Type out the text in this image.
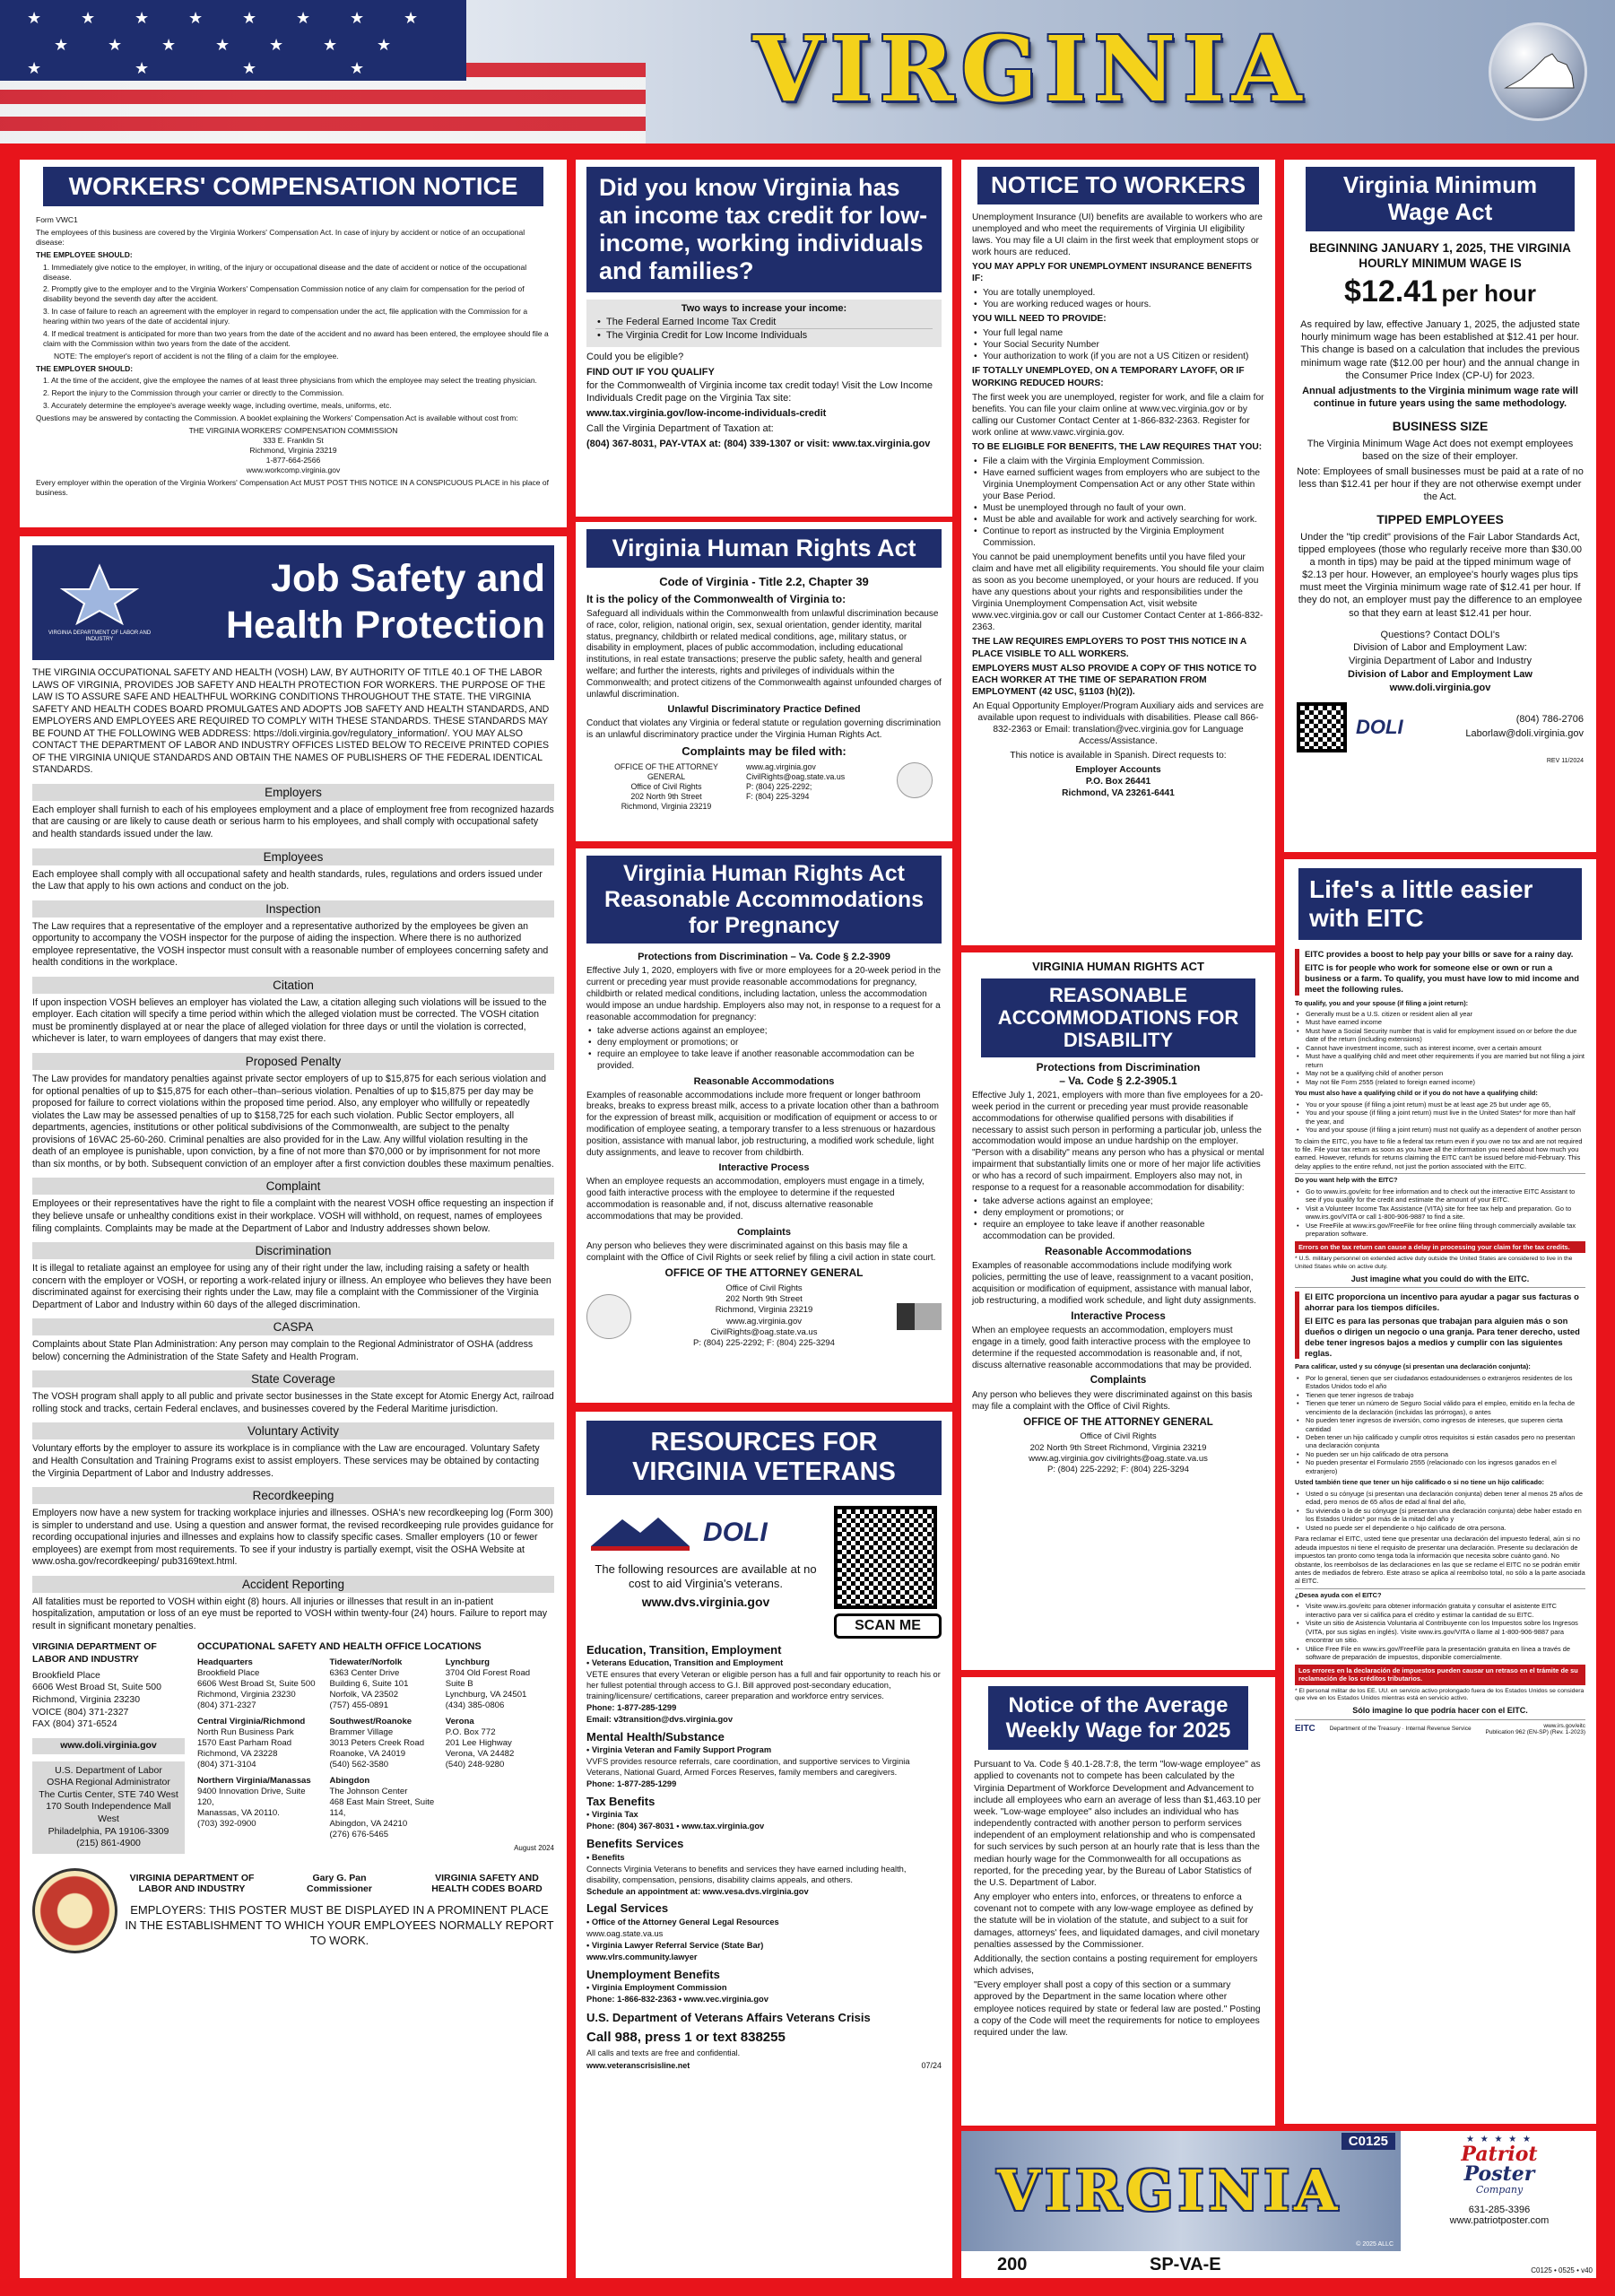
★ ★ ★ ★ ★ ★ ★ ★
★ ★ ★ ★ ★ ★ ★
★	★	★	★	VIRGINIA
WORKERS' COMPENSATION NOTICE

Form VWC1

The employees of this business are covered by the Virginia Workers' Compensation Act. In case of injury by accident or notice of an occupational disease:

THE EMPLOYEE SHOULD:

1. Immediately give notice to the employer, in writing, of the injury or occupational disease and the date of accident or notice of the occupational disease.

2. Promptly give to the employer and to the Virginia Workers' Compensation Commission notice of any claim for compensation for the period of disability beyond the seventh day after the accident.

3. In case of failure to reach an agreement with the employer in regard to compensation under the act, file application with the Commission for a hearing within two years of the date of accidental injury.

4. If medical treatment is anticipated for more than two years from the date of the accident and no award has been entered, the employee should file a claim with the Commission within two years from the date of the accident.

NOTE: The employer's report of accident is not the filing of a claim for the employee.

THE EMPLOYER SHOULD:

1. At the time of the accident, give the employee the names of at least three physicians from which the employee may select the treating physician.

2. Report the injury to the Commission through your carrier or directly to the Commission.

3. Accurately determine the employee's average weekly wage, including overtime, meals, uniforms, etc.

Questions may be answered by contacting the Commission. A booklet explaining the Workers' Compensation Act is available without cost from:

THE VIRGINIA WORKERS' COMPENSATION COMMISSION
333 E. Franklin St
Richmond, Virginia 23219
1-877-664-2566
www.workcomp.virginia.gov

Every employer within the operation of the Virginia Workers' Compensation Act MUST POST THIS NOTICE IN A CONSPICUOUS PLACE in his place of business.

VIRGINIA DEPARTMENT OF LABOR AND INDUSTRY
Job Safety and
Health Protection

THE VIRGINIA OCCUPATIONAL SAFETY AND HEALTH (VOSH) LAW, BY AUTHORITY OF TITLE 40.1 OF THE LABOR LAWS OF VIRGINIA, PROVIDES JOB SAFETY AND HEALTH PROTECTION FOR WORKERS. THE PURPOSE OF THE LAW IS TO ASSURE SAFE AND HEALTHFUL WORKING CONDITIONS THROUGHOUT THE STATE. THE VIRGINIA SAFETY AND HEALTH CODES BOARD PROMULGATES AND ADOPTS JOB SAFETY AND HEALTH STANDARDS, AND EMPLOYERS AND EMPLOYEES ARE REQUIRED TO COMPLY WITH THESE STANDARDS. THESE STANDARDS MAY BE FOUND AT THE FOLLOWING WEB ADDRESS: https://doli.virginia.gov/regulatory_information/. YOU MAY ALSO CONTACT THE DEPARTMENT OF LABOR AND INDUSTRY OFFICES LISTED BELOW TO RECEIVE PRINTED COPIES OF THE VIRGINIA UNIQUE STANDARDS AND OBTAIN THE NAMES OF PUBLISHERS OF THE FEDERAL IDENTICAL STANDARDS.

Employers

Each employer shall furnish to each of his employees employment and a place of employment free from recognized hazards that are causing or are likely to cause death or serious harm to his employees, and shall comply with occupational safety and health standards issued under the law.

Employees

Each employee shall comply with all occupational safety and health standards, rules, regulations and orders issued under the Law that apply to his own actions and conduct on the job.

Inspection

The Law requires that a representative of the employer and a representative authorized by the employees be given an opportunity to accompany the VOSH inspector for the purpose of aiding the inspection. Where there is no authorized employee representative, the VOSH inspector must consult with a reasonable number of employees concerning safety and health conditions in the workplace.

Citation

If upon inspection VOSH believes an employer has violated the Law, a citation alleging such violations will be issued to the employer. Each citation will specify a time period within which the alleged violation must be corrected. The VOSH citation must be prominently displayed at or near the place of alleged violation for three days or until the violation is corrected, whichever is later, to warn employees of dangers that may exist there.

Proposed Penalty

The Law provides for mandatory penalties against private sector employers of up to $15,875 for each serious violation and for optional penalties of up to $15,875 for each other–than–serious violation. Penalties of up to $15,875 per day may be proposed for failure to correct violations within the proposed time period. Also, any employer who willfully or repeatedly violates the Law may be assessed penalties of up to $158,725 for each such violation. Public Sector employers, all departments, agencies, institutions or other political subdivisions of the Commonwealth, are subject to the penalty provisions of 16VAC 25-60-260. Criminal penalties are also provided for in the Law. Any willful violation resulting in the death of an employee is punishable, upon conviction, by a fine of not more than $70,000 or by imprisonment for not more than six months, or by both. Subsequent conviction of an employer after a first conviction doubles these maximum penalties.

Complaint

Employees or their representatives have the right to file a complaint with the nearest VOSH office requesting an inspection if they believe unsafe or unhealthy conditions exist in their workplace. VOSH will withhold, on request, names of employees filing complaints. Complaints may be made at the Department of Labor and Industry addresses shown below.

Discrimination

It is illegal to retaliate against an employee for using any of their right under the law, including raising a safety or health concern with the employer or VOSH, or reporting a work-related injury or illness. An employee who believes they have been discriminated against for exercising their rights under the Law, may file a complaint with the Commissioner of the Virginia Department of Labor and Industry within 60 days of the alleged discrimination.

CASPA

Complaints about State Plan Administration: Any person may complain to the Regional Administrator of OSHA (address below) concerning the Administration of the State Safety and Health Program.

State Coverage

The VOSH program shall apply to all public and private sector businesses in the State except for Atomic Energy Act, railroad rolling stock and tracks, certain Federal enclaves, and businesses covered by the Federal Maritime jurisdiction.

Voluntary Activity

Voluntary efforts by the employer to assure its workplace is in compliance with the Law are encouraged. Voluntary Safety and Health Consultation and Training Programs exist to assist employers. These services may be obtained by contacting the Virginia Department of Labor and Industry addresses.

Recordkeeping

Employers now have a new system for tracking workplace injuries and illnesses. OSHA's new recordkeeping log (Form 300) is simpler to understand and use. Using a question and answer format, the revised recordkeeping rule provides guidance for recording occupational injuries and illnesses and explains how to classify specific cases. Smaller employers (10 or fewer employees) are exempt from most requirements. To see if your industry is partially exempt, visit the OSHA Website at www.osha.gov/recordkeeping/ pub3169text.html.

Accident Reporting

All fatalities must be reported to VOSH within eight (8) hours. All injuries or illnesses that result in an in-patient hospitalization, amputation or loss of an eye must be reported to VOSH within twenty-four (24) hours. Failure to report may result in significant monetary penalties.

VIRGINIA DEPARTMENT OF LABOR AND INDUSTRY
Brookfield Place
6606 West Broad St, Suite 500
Richmond, Virginia 23230
VOICE (804) 371-2327
FAX (804) 371-6524
www.doli.virginia.gov
U.S. Department of Labor
OSHA Regional Administrator
The Curtis Center, STE 740 West
170 South Independence Mall West
Philadelphia, PA 19106-3309
(215) 861-4900
OCCUPATIONAL SAFETY AND HEALTH OFFICE LOCATIONS
Headquarters
Brookfield Place
6606 West Broad St, Suite 500
Richmond, Virginia 23230
(804) 371-2327
Tidewater/Norfolk
6363 Center Drive
Building 6, Suite 101
Norfolk, VA 23502
(757) 455-0891
Lynchburg
3704 Old Forest Road
Suite B
Lynchburg, VA 24501
(434) 385-0806
Central Virginia/Richmond
North Run Business Park
1570 East Parham Road
Richmond, VA 23228
(804) 371-3104
Southwest/Roanoke
Brammer Village
3013 Peters Creek Road
Roanoke, VA 24019
(540) 562-3580
Verona
P.O. Box 772
201 Lee Highway
Verona, VA 24482
(540) 248-9280
Northern Virginia/Manassas
9400 Innovation Drive, Suite 120,
Manassas, VA 20110.
(703) 392-0900
Abingdon
The Johnson Center
468 East Main Street, Suite 114,
Abingdon, VA 24210
(276) 676-5465
August 2024
VIRGINIA DEPARTMENT OF LABOR AND INDUSTRY
Gary G. Pan
Commissioner
VIRGINIA SAFETY AND HEALTH CODES BOARD
EMPLOYERS: THIS POSTER MUST BE DISPLAYED IN A PROMINENT PLACE IN THE ESTABLISHMENT TO WHICH YOUR EMPLOYEES NORMALLY REPORT TO WORK.
Did you know Virginia has an income tax credit for low-income, working individuals and families?
Two ways to increase your income:
• The Federal Earned Income Tax Credit
• The Virginia Credit for Low Income Individuals

Could you be eligible?

FIND OUT IF YOU QUALIFY

for the Commonwealth of Virginia income tax credit today! Visit the Low Income Individuals Credit page on the Virginia Tax site:

www.tax.virginia.gov/low-income-individuals-credit

Call the Virginia Department of Taxation at:

(804) 367-8031, PAY-VTAX at: (804) 339-1307 or visit: www.tax.virginia.gov

Virginia Human Rights Act

Code of Virginia - Title 2.2, Chapter 39

It is the policy of the Commonwealth of Virginia to:

Safeguard all individuals within the Commonwealth from unlawful discrimination because of race, color, religion, national origin, sex, sexual orientation, gender identity, marital status, pregnancy, childbirth or related medical conditions, age, military status, or disability in employment, places of public accommodation, including educational institutions, in real estate transactions; preserve the public safety, health and general welfare; and further the interests, rights and privileges of individuals within the Commonwealth; and protect citizens of the Commonwealth against unfounded charges of unlawful discrimination.

Unlawful Discriminatory Practice Defined

Conduct that violates any Virginia or federal statute or regulation governing discrimination is an unlawful discriminatory practice under the Virginia Human Rights Act.

Complaints may be filed with:

OFFICE OF THE ATTORNEY GENERAL
Office of Civil Rights
202 North 9th Street
Richmond, Virginia 23219
www.ag.virginia.gov
CivilRights@oag.state.va.us
P: (804) 225-2292;
F: (804) 225-3294
Virginia Human Rights Act Reasonable Accommodations for Pregnancy

Protections from Discrimination – Va. Code § 2.2-3909

Effective July 1, 2020, employers with five or more employees for a 20-week period in the current or preceding year must provide reasonable accommodations for pregnancy, childbirth or related medical conditions, including lactation, unless the accommodation would impose an undue hardship. Employers also may not, in response to a request for a reasonable accommodation for pregnancy:

• take adverse actions against an employee;
• deny employment or promotions; or
• require an employee to take leave if another reasonable accommodation can be provided.

Reasonable Accommodations

Examples of reasonable accommodations include more frequent or longer bathroom breaks, breaks to express breast milk, access to a private location other than a bathroom for the expression of breast milk, acquisition or modification of equipment or access to or modification of employee seating, a temporary transfer to a less strenuous or hazardous position, assistance with manual labor, job restructuring, a modified work schedule, light duty assignments, and leave to recover from childbirth.

Interactive Process

When an employee requests an accommodation, employers must engage in a timely, good faith interactive process with the employee to determine if the requested accommodation is reasonable and, if not, discuss alternative reasonable accommodations that may be provided.

Complaints

Any person who believes they were discriminated against on this basis may file a complaint with the Office of Civil Rights or seek relief by filing a civil action in state court.

OFFICE OF THE ATTORNEY GENERAL

Office of Civil Rights
202 North 9th Street
Richmond, Virginia 23219
www.ag.virginia.gov
CivilRights@oag.state.va.us
P: (804) 225-2292; F: (804) 225-3294
RESOURCES FOR VIRGINIA VETERANS
DOLI

The following resources are available at no cost to aid Virginia's veterans.

www.dvs.virginia.gov

SCAN ME

Education, Transition, Employment

• Veterans Education, Transition and Employment

VETE ensures that every Veteran or eligible person has a full and fair opportunity to reach his or her fullest potential through access to G.I. Bill approved post-secondary education, training/licensure/ certifications, career preparation and workforce entry services.

Phone: 1-877-285-1299

Email: v3transition@dvs.virginia.gov

Mental Health/Substance

• Virginia Veteran and Family Support Program

VVFS provides resource referrals, care coordination, and supportive services to Virginia Veterans, National Guard, Armed Forces Reserves, family members and caregivers.

Phone: 1-877-285-1299

Tax Benefits

• Virginia Tax

Phone: (804) 367-8031 • www.tax.virginia.gov

Benefits Services

• Benefits

Connects Virginia Veterans to benefits and services they have earned including health, disability, compensation, pensions, disability claims appeals, and others.

Schedule an appointment at: www.vesa.dvs.virginia.gov

Legal Services

• Office of the Attorney General Legal Resources

www.oag.state.va.us

• Virginia Lawyer Referral Service (State Bar)

www.vlrs.community.lawyer

Unemployment Benefits

• Virginia Employment Commission

Phone: 1-866-832-2363 • www.vec.virginia.gov

U.S. Department of Veterans Affairs Veterans Crisis

Call 988, press 1 or text 838255

All calls and texts are free and confidential.

www.veteranscrisisline.net	07/24
NOTICE TO WORKERS

Unemployment Insurance (UI) benefits are available to workers who are unemployed and who meet the requirements of Virginia UI eligibility laws. You may file a UI claim in the first week that employment stops or work hours are reduced.

YOU MAY APPLY FOR UNEMPLOYMENT INSURANCE BENEFITS IF:

• You are totally unemployed.
• You are working reduced wages or hours.

YOU WILL NEED TO PROVIDE:

• Your full legal name
• Your Social Security Number
• Your authorization to work (if you are not a US Citizen or resident)

IF TOTALLY UNEMPLOYED, ON A TEMPORARY LAYOFF, OR IF WORKING REDUCED HOURS:

The first week you are unemployed, register for work, and file a claim for benefits. You can file your claim online at www.vec.virginia.gov or by calling our Customer Contact Center at 1-866-832-2363. Register for work online at www.vawc.virginia.gov.

TO BE ELIGIBLE FOR BENEFITS, THE LAW REQUIRES THAT YOU:

• File a claim with the Virginia Employment Commission.
• Have earned sufficient wages from employers who are subject to the Virginia Unemployment Compensation Act or any other State within your Base Period.
• Must be unemployed through no fault of your own.
• Must be able and available for work and actively searching for work.
• Continue to report as instructed by the Virginia Employment Commission.

You cannot be paid unemployment benefits until you have filed your claim and have met all eligibility requirements. You should file your claim as soon as you become unemployed, or your hours are reduced. If you have any questions about your rights and responsibilities under the Virginia Unemployment Compensation Act, visit website www.vec.virginia.gov or call our Customer Contact Center at 1-866-832-2363.

THE LAW REQUIRES EMPLOYERS TO POST THIS NOTICE IN A PLACE VISIBLE TO ALL WORKERS.

EMPLOYERS MUST ALSO PROVIDE A COPY OF THIS NOTICE TO EACH WORKER AT THE TIME OF SEPARATION FROM EMPLOYMENT (42 USC, §1103 (h)(2)).

An Equal Opportunity Employer/Program Auxiliary aids and services are available upon request to individuals with disabilities. Please call 866-832-2363 or Email: translation@vec.virginia.gov for Language Access/Assistance.

This notice is available in Spanish. Direct requests to:

Employer Accounts
P.O. Box 26441
Richmond, VA 23261-6441

VIRGINIA HUMAN RIGHTS ACT

REASONABLE ACCOMMODATIONS FOR DISABILITY

Protections from Discrimination

– Va. Code § 2.2-3905.1

Effective July 1, 2021, employers with more than five employees for a 20-week period in the current or preceding year must provide reasonable accommodations for otherwise qualified persons with disabilities if necessary to assist such person in performing a particular job, unless the accommodation would impose an undue hardship on the employer. "Person with a disability" means any person who has a physical or mental impairment that substantially limits one or more of her major life activities or who has a record of such impairment. Employers also may not, in response to a request for a reasonable accommodation for disability:

• take adverse actions against an employee;
• deny employment or promotions; or
• require an employee to take leave if another reasonable accommodation can be provided.

Reasonable Accommodations

Examples of reasonable accommodations include modifying work policies, permitting the use of leave, reassignment to a vacant position, acquisition or modification of equipment, assistance with manual labor, job restructuring, a modified work schedule, and light duty assignments.

Interactive Process

When an employee requests an accommodation, employers must engage in a timely, good faith interactive process with the employee to determine if the requested accommodation is reasonable and, if not, discuss alternative reasonable accommodations that may be provided.

Complaints

Any person who believes they were discriminated against on this basis may file a complaint with the Office of Civil Rights.

OFFICE OF THE ATTORNEY GENERAL

Office of Civil Rights
202 North 9th Street Richmond, Virginia 23219
www.ag.virginia.gov civilrights@oag.state.va.us
P: (804) 225-2292; F: (804) 225-3294
Notice of the Average Weekly Wage for 2025

Pursuant to Va. Code § 40.1-28.7:8, the term "low-wage employee" as applied to covenants not to compete has been calculated by the Virginia Department of Workforce Development and Advancement to include all employees who earn an average of less than $1,463.10 per week. "Low-wage employee" also includes an individual who has independently contracted with another person to perform services independent of an employment relationship and who is compensated for such services by such person at an hourly rate that is less than the median hourly wage for the Commonwealth for all occupations as reported, for the preceding year, by the Bureau of Labor Statistics of the U.S. Department of Labor.

Any employer who enters into, enforces, or threatens to enforce a covenant not to compete with any low-wage employee as defined by the statute will be in violation of the statute, and subject to a suit for damages, attorneys' fees, and liquidated damages, and civil monetary penalties assessed by the Commissioner.

Additionally, the section contains a posting requirement for employers which advises,

"Every employer shall post a copy of this section or a summary approved by the Department in the same location where other employee notices required by state or federal law are posted." Posting a copy of the Code will meet the requirements for notice to employees required under the law.

Virginia Minimum Wage Act

BEGINNING JANUARY 1, 2025, THE VIRGINIA HOURLY MINIMUM WAGE IS

$12.41 per hour

As required by law, effective January 1, 2025, the adjusted state hourly minimum wage has been established at $12.41 per hour. This change is based on a calculation that includes the previous minimum wage rate ($12.00 per hour) and the annual change in the Consumer Price Index (CP-U) for 2023.

Annual adjustments to the Virginia minimum wage rate will continue in future years using the same methodology.

BUSINESS SIZE

The Virginia Minimum Wage Act does not exempt employees based on the size of their employer.

Note: Employees of small businesses must be paid at a rate of no less than $12.41 per hour if they are not otherwise exempt under the Act.

TIPPED EMPLOYEES

Under the "tip credit" provisions of the Fair Labor Standards Act, tipped employees (those who regularly receive more than $30.00 a month in tips) may be paid at the tipped minimum wage of $2.13 per hour. However, an employee's hourly wages plus tips must meet the Virginia minimum wage rate of $12.41 per hour. If they do not, an employer must pay the difference to an employee so that they earn at least $12.41 per hour.

Questions? Contact DOLI's
Division of Labor and Employment Law:
Virginia Department of Labor and Industry
Division of Labor and Employment Law
www.doli.virginia.gov
DOLI	(804) 786-2706
Laborlaw@doli.virginia.gov
REV 11/2024
Life's a little easier with EITC

EITC provides a boost to help pay your bills or save for a rainy day.

EITC is for people who work for someone else or own or run a business or a farm. To qualify, you must have low to mid income and meet the following rules.

To qualify, you and your spouse (if filing a joint return):

• Generally must be a U.S. citizen or resident alien all year
• Must have earned income
• Must have a Social Security number that is valid for employment issued on or before the due date of the return (including extensions)
• Cannot have investment income, such as interest income, over a certain amount
• Must have a qualifying child and meet other requirements if you are married but not filing a joint return
• May not be a qualifying child of another person
• May not file Form 2555 (related to foreign earned income)

You must also have a qualifying child or if you do not have a qualifying child:

• You or your spouse (if filing a joint return) must be at least age 25 but under age 65,
• You and your spouse (if filing a joint return) must live in the United States* for more than half the year, and
• You and your spouse (if filing a joint return) must not qualify as a dependent of another person

To claim the EITC, you have to file a federal tax return even if you owe no tax and are not required to file. File your tax return as soon as you have all the information you need about how much you earned. However, refunds for returns claiming the EITC can't be issued before mid-February. This delay applies to the entire refund, not just the portion associated with the EITC.

Do you want help with the EITC?

• Go to www.irs.gov/eitc for free information and to check out the interactive EITC Assistant to see if you qualify for the credit and estimate the amount of your EITC.
• Visit a Volunteer Income Tax Assistance (VITA) site for free tax help and preparation. Go to www.irs.gov/VITA or call 1-800-906-9887 to find a site.
• Use FreeFile at www.irs.gov/FreeFile for free online filing through commercially available tax preparation software.

Errors on the tax return can cause a delay in processing your claim for the tax credits.

* U.S. military personnel on extended active duty outside the United States are considered to live in the United States while on active duty.

Just imagine what you could do with the EITC.

El EITC proporciona un incentivo para ayudar a pagar sus facturas o ahorrar para los tiempos difíciles.

El EITC es para las personas que trabajan para alguien más o son dueños o dirigen un negocio o una granja. Para tener derecho, usted debe tener ingresos bajos a medios y cumplir con las siguientes reglas.

Para calificar, usted y su cónyuge (si presentan una declaración conjunta):

• Por lo general, tienen que ser ciudadanos estadounidenses o extranjeros residentes de los Estados Unidos todo el año
• Tienen que tener ingresos de trabajo
• Tienen que tener un número de Seguro Social válido para el empleo, emitido en la fecha de vencimiento de la declaración (incluidas las prórrogas), o antes
• No pueden tener ingresos de inversión, como ingresos de intereses, que superen cierta cantidad
• Deben tener un hijo calificado y cumplir otros requisitos si están casados pero no presentan una declaración conjunta
• No pueden ser un hijo calificado de otra persona
• No pueden presentar el Formulario 2555 (relacionado con los ingresos ganados en el extranjero)

Usted también tiene que tener un hijo calificado o si no tiene un hijo calificado:

• Usted o su cónyuge (si presentan una declaración conjunta) deben tener al menos 25 años de edad, pero menos de 65 años de edad al final del año,
• Su vivienda o la de su cónyuge (si presentan una declaración conjunta) debe haber estado en los Estados Unidos* por más de la mitad del año y
• Usted no puede ser el dependiente o hijo calificado de otra persona.

Para reclamar el EITC, usted tiene que presentar una declaración del impuesto federal, aún si no adeuda impuestos ni tiene el requisito de presentar una declaración. Presente su declaración de impuestos tan pronto como tenga toda la información que necesita sobre cuánto ganó. No obstante, los reembolsos de las declaraciones en las que se reclame el EITC no se podrán emitir antes de mediados de febrero. Este atraso se aplica al reembolso total, no sólo a la parte asociada al EITC.

¿Desea ayuda con el EITC?

• Visite www.irs.gov/eitc para obtener información gratuita y consultar el asistente EITC interactivo para ver si califica para el crédito y estimar la cantidad de su EITC.
• Visite un sitio de Asistencia Voluntaria al Contribuyente con los Impuestos sobre los Ingresos (VITA, por sus siglas en inglés). Visite www.irs.gov/VITA o llame al 1-800-906-9887 para encontrar un sitio.
• Utilice Free File en www.irs.gov/FreeFile para la presentación gratuita en línea a través de software de preparación de impuestos, disponible comercialmente.

Los errores en la declaración de impuestos pueden causar un retraso en el trámite de su reclamación de los créditos tributarios.

* El personal militar de los EE. UU. en servicio activo prolongado fuera de los Estados Unidos se considera que vive en los Estados Unidos mientras está en servicio activo.

Sólo imagine lo que podría hacer con el EITC.

EITC Department of the Treasury · Internal Revenue Service	www.irs.gov/eitc
Publication 962 (EN-SP) (Rev. 1-2023)
C0125
VIRGINIA
© 2025 ALLC
200	SP-VA-E
★ ★ ★ ★ ★
Patriot
Poster
Company
631-285-3396
www.patriotposter.com
C0125 • 0525 • v40
